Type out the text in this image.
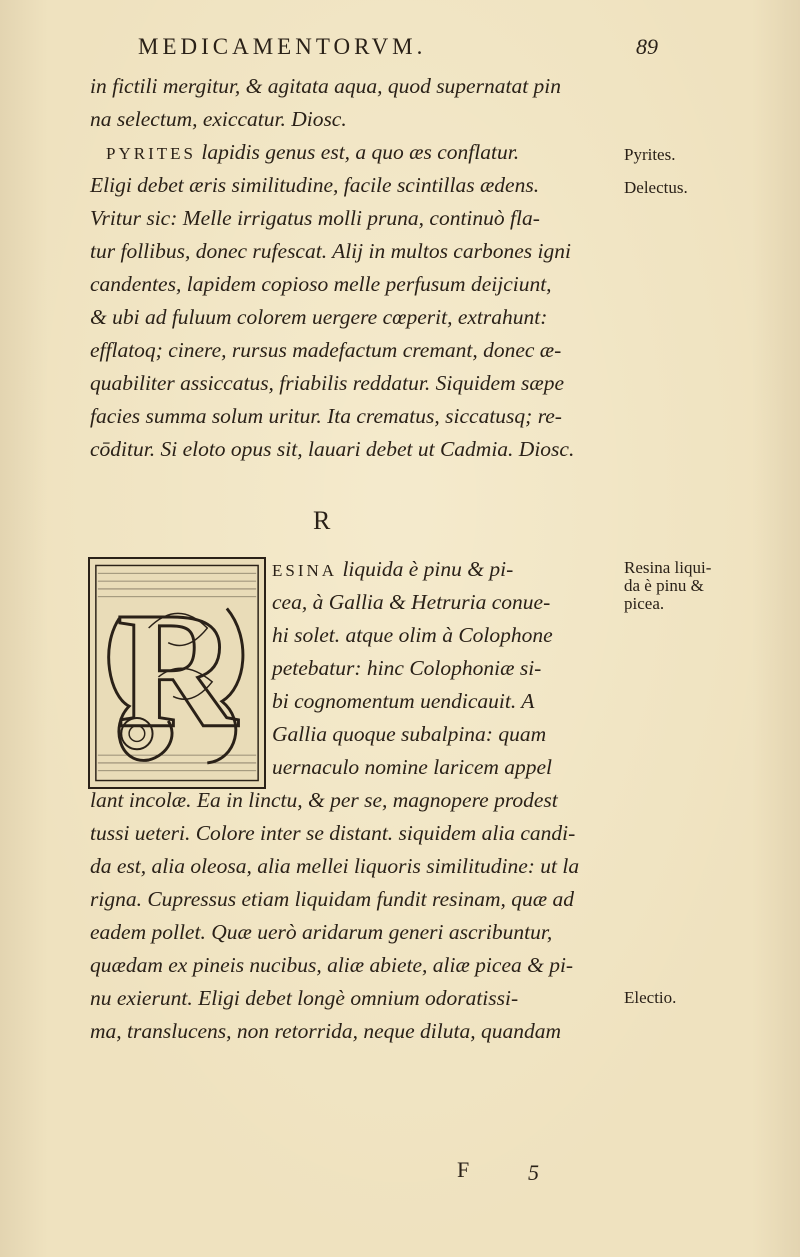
MEDICAMENTORVM.	89
in fictili mergitur, & agitata aqua, quod supernatat pin
na selectum, exiccatur. Diosc.
PYRITES lapidis genus est, a quo æs conflatur.
Eligi debet æris similitudine, facile scintillas ædens.
Vritur sic: Melle irrigatus molli pruna, continuò fla-
tur follibus, donec rufescat. Alij in multos carbones igni
candentes, lapidem copioso melle perfusum deijciunt,
& ubi ad fuluum colorem uergere cœperit, extrahunt:
efflatoq; cinere, rursus madefactum cremant, donec æ-
quabiliter assiccatus, friabilis reddatur. Siquidem sæpe
facies summa solum uritur. Ita crematus, siccatusq; re-
cōditur. Si eloto opus sit, lauari debet ut Cadmia. Diosc.
Pyrites.
Delectus.
R
R
ESINA liquida è pinu & pi-
cea, à Gallia & Hetruria conue-
hi solet. atque olim à Colophone
petebatur: hinc Colophoniæ si-
bi cognomentum uendicauit. A
Gallia quoque subalpina: quam
uernaculo nomine laricem appel
lant incolæ. Ea in linctu, & per se, magnopere prodest
tussi ueteri. Colore inter se distant. siquidem alia candi-
da est, alia oleosa, alia mellei liquoris similitudine: ut la
rigna. Cupressus etiam liquidam fundit resinam, quæ ad
eadem pollet. Quæ uerò aridarum generi ascribuntur,
quædam ex pineis nucibus, aliæ abiete, aliæ picea & pi-
nu exierunt. Eligi debet longè omnium odoratissi-
ma, translucens, non retorrida, neque diluta, quandam
Resina liqui-
da è pinu &
picea.
Electio.
F	5
